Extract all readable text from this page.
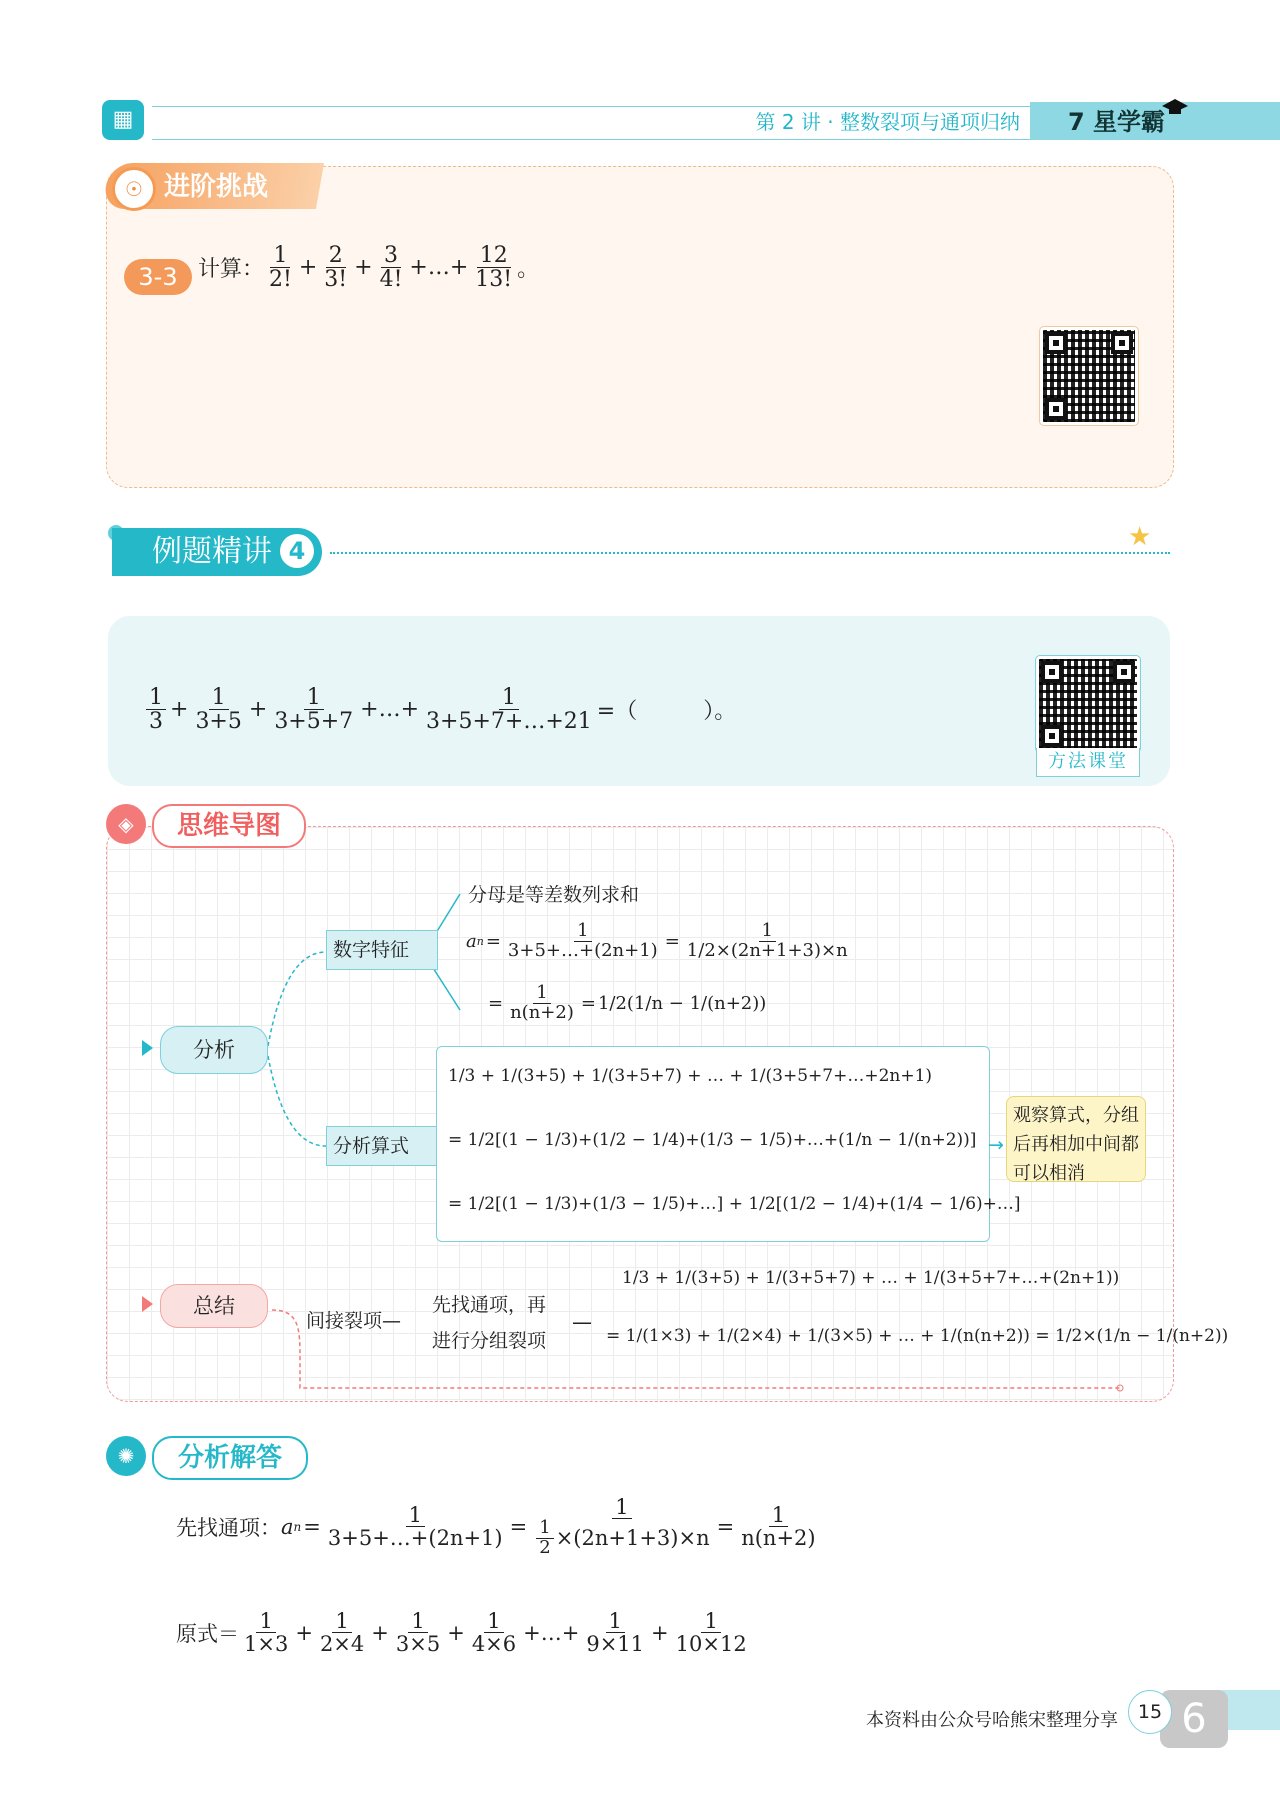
▦	第 2 讲 · 整数裂项与通项归纳 7 星学霸
☉ 进阶挑战
3-3 计算： $\frac{1}{2!} + \frac{2}{3!} + \frac{3}{4!}$ +…+ $\frac{12}{13!}$ 。
例题精讲 4	★
$\frac{1}{3} + \frac{1}{3+5} + \frac{1}{3+5+7}$ +…+ $\frac{1}{3+5+7+\dots+21}$ =（　　　）。
方法课堂
◈	思维导图
分析
总结
数字特征
分析算式
分母是等差数列求和
a $n = \frac{1}{3+5+\dots+(2n+1)} = \frac{1}{1/2\times(2n+1+3)\times n}$
= $\frac{1}{n(n+2)} = 1/2(1/n - 1/(n+2))$
1/3 + 1/(3+5) + 1/(3+5+7) + … + 1/(3+5+7+…+2n+1)
= 1/2[(1 − 1/3)+(1/2 − 1/4)+(1/3 − 1/5)+…+(1/n − 1/(n+2))]
= 1/2[(1 − 1/3)+(1/3 − 1/5)+…] + 1/2[(1/2 − 1/4)+(1/4 − 1/6)+…]
→
观察算式，分组后再相加中间都可以相消
间接裂项—
先找通项，再
进行分组裂项
—
1/3 + 1/(3+5) + 1/(3+5+7) + … + 1/(3+5+7+…+(2n+1))
= 1/(1×3) + 1/(2×4) + 1/(3×5) + … + 1/(n(n+2)) = 1/2×(1/n − 1/(n+2))
✺	分析解答
先找通项： a $n = \frac{1}{3+5+\dots+(2n+1)} = \frac{1}{\frac{1}{2} \times(2n+1+3)\times n} = \frac{1}{n(n+2)}$
原式＝ $\frac{1}{1\times 3} + \frac{1}{2\times 4} + \frac{1}{3\times 5} + \frac{1}{4\times 6}$ +…+ $\frac{1}{9\times 11} + \frac{1}{10\times 12}$
本资料由公众号哈熊宋整理分享	6
15
